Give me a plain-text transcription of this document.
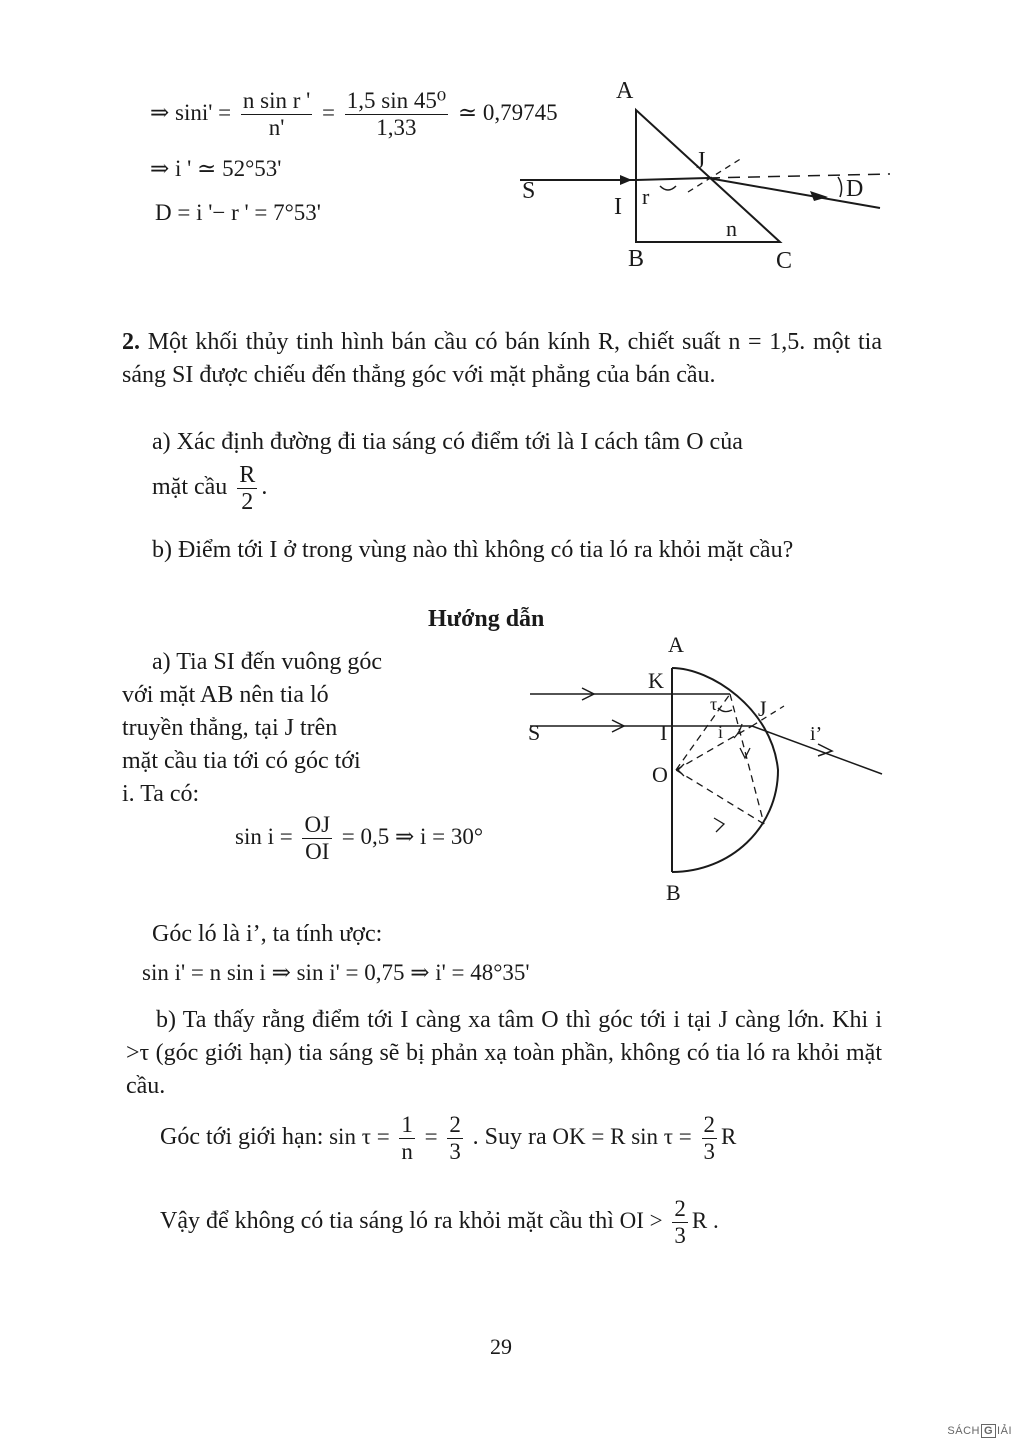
⇒ $\sin i' = \frac{\text{n sin r '}}{n'} = \frac{\text{1,5 sin 45⁰}}{1,33}$ ≃ 0,79745
⇒ i ' ≃ 52°53'
D = i '− r ' = 7°53'
A
B	C
S
I
J
r
n
D
2. Một khối thủy tinh hình bán cầu có bán kính R, chiết suất n = 1,5. một tia sáng SI được chiếu đến thẳng góc với mặt phẳng của bán cầu.
a) Xác định đường đi tia sáng có điểm tới là I cách tâm O của
mặt cầu $\frac{R}{2}$ .
b) Điểm tới I ở trong vùng nào thì không có tia ló ra khỏi mặt cầu?
Hướng dẫn
a) Tia SI đến vuông góc
với mặt AB nên tia ló
truyền thẳng, tại J trên
mặt cầu tia tới có góc tới
i. Ta có:
$\sin i = \frac{OJ}{OI} = 0,5$ ⇒ i = 30°
A
B
K
S	I
O
J
τ
i	i’
Góc ló là i’, ta tính ược:
sin i' = n sin i ⇒ sin i' = 0,75 ⇒ i' = 48°35'
b) Ta thấy rằng điểm tới I càng xa tâm O thì góc tới i tại J càng lớn. Khi i >τ (góc giới hạn) tia sáng sẽ bị phản xạ toàn phần, không có tia ló ra khỏi mặt cầu.
Góc tới giới hạn: $\sin \tau = \frac{1}{n} = \frac{2}{3}$ . Suy ra OK = R $\sin \tau = \frac{2}{3}$ R
Vậy để không có tia sáng ló ra khỏi mặt cầu thì OI > $\frac{2}{3}$ R .
29
SÁCH G IẢI
